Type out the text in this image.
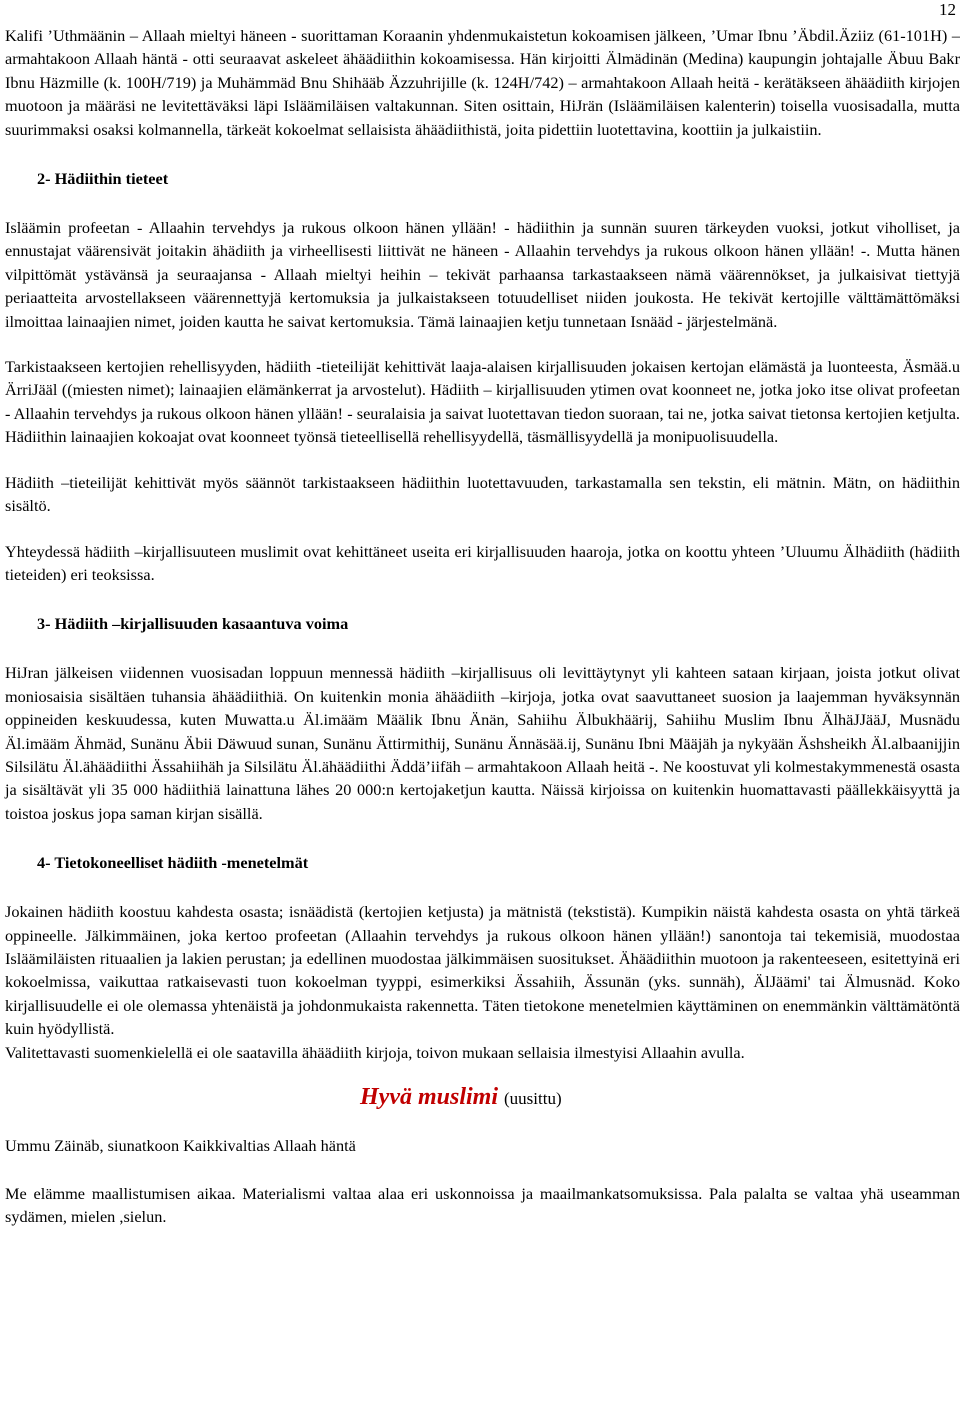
12

Kalifi ’Uthmäänin – Allaah mieltyi häneen - suorittaman Koraanin yhdenmukaistetun kokoamisen jälkeen, ’Umar Ibnu ’Äbdil.Äziiz (61-101H) – armahtakoon Allaah häntä - otti seuraavat askeleet ähäädiithin kokoamisessa. Hän kirjoitti Älmädinän (Medina) kaupungin johtajalle Äbuu Bakr Ibnu Häzmille (k. 100H/719) ja Muhämmäd Bnu Shihääb Äzzuhrijille (k. 124H/742) – armahtakoon Allaah heitä - kerätäkseen ähäädiith kirjojen muotoon ja määräsi ne levitettäväksi läpi Isläämiläisen valtakunnan. Siten osittain, HiJrän (Isläämiläisen kalenterin) toisella vuosisadalla, mutta suurimmaksi osaksi kolmannella, tärkeät kokoelmat sellaisista ähäädiithistä, joita pidettiin luotettavina, koottiin ja julkaistiin.

2- Hädiithin tieteet

Isläämin profeetan - Allaahin tervehdys ja rukous olkoon hänen ylläänǃ - hädiithin ja sunnän suuren tärkeyden vuoksi, jotkut viholliset, ja ennustajat väärensivät joitakin ähädiith ja virheellisesti liittivät ne häneen - Allaahin tervehdys ja rukous olkoon hänen ylläänǃ -. Mutta hänen vilpittömät ystävänsä ja seuraajansa - Allaah mieltyi heihin – tekivät parhaansa tarkastaakseen nämä väärennökset, ja julkaisivat tiettyjä periaatteita arvostellakseen väärennettyjä kertomuksia ja julkaistakseen totuudelliset niiden joukosta. He tekivät kertojille välttämättömäksi ilmoittaa lainaajien nimet, joiden kautta he saivat kertomuksia. Tämä lainaajien ketju tunnetaan Isnääd - järjestelmänä.

Tarkistaakseen kertojien rehellisyyden, hädiith -tieteilijät kehittivät laaja-alaisen kirjallisuuden jokaisen kertojan elämästä ja luonteesta, Äsmää.u ÄrriJääl ((miesten nimet); lainaajien elämänkerrat ja arvostelut). Hädiith – kirjallisuuden ytimen ovat koonneet ne, jotka joko itse olivat profeetan - Allaahin tervehdys ja rukous olkoon hänen ylläänǃ - seuralaisia ja saivat luotettavan tiedon suoraan, tai ne, jotka saivat tietonsa kertojien ketjulta. Hädiithin lainaajien kokoajat ovat koonneet työnsä tieteellisellä rehellisyydellä, täsmällisyydellä ja monipuolisuudella.

Hädiith –tieteilijät kehittivät myös säännöt tarkistaakseen hädiithin luotettavuuden, tarkastamalla sen tekstin, eli mätnin. Mätn, on hädiithin sisältö.

Yhteydessä hädiith –kirjallisuuteen muslimit ovat kehittäneet useita eri kirjallisuuden haaroja, jotka on koottu yhteen ’Uluumu Älhädiith (hädiith tieteiden) eri teoksissa.

3- Hädiith –kirjallisuuden kasaantuva voima

HiJran jälkeisen viidennen vuosisadan loppuun mennessä hädiith –kirjallisuus oli levittäytynyt yli kahteen sataan kirjaan, joista jotkut olivat moniosaisia sisältäen tuhansia ähäädiithiä. On kuitenkin monia ähäädiith –kirjoja, jotka ovat saavuttaneet suosion ja laajemman hyväksynnän oppineiden keskuudessa, kuten Muwatta.u Äl.imääm Määlik Ibnu Änän, Sahiihu Älbukhäärij, Sahiihu Muslim Ibnu ÄlhäJJääJ, Musnädu Äl.imääm Ähmäd, Sunänu Äbii Däwuud sunan, Sunänu Ättirmithij, Sunänu Ännäsää.ij, Sunänu Ibni Määjäh ja nykyään Äshsheikh Äl.albaanijjin Silsilätu Äl.ähäädiithi Ässahiihäh ja Silsilätu Äl.ähäädiithi Äddä’iifäh – armahtakoon Allaah heitä -. Ne koostuvat yli kolmestakymmenestä osasta ja sisältävät yli 35 000 hädiithiä lainattuna lähes 20 000:n kertojaketjun kautta. Näissä kirjoissa on kuitenkin huomattavasti päällekkäisyyttä ja toistoa joskus jopa saman kirjan sisällä.

4- Tietokoneelliset hädiith -menetelmät

Jokainen hädiith koostuu kahdesta osasta; isnäädistä (kertojien ketjusta) ja mätnistä (tekstistä). Kumpikin näistä kahdesta osasta on yhtä tärkeä oppineelle. Jälkimmäinen, joka kertoo profeetan (Allaahin tervehdys ja rukous olkoon hänen ylläänǃ) sanontoja tai tekemisiä, muodostaa Isläämiläisten rituaalien ja lakien perustan; ja edellinen muodostaa jälkimmäisen suositukset. Ähäädiithin muotoon ja rakenteeseen, esitettyinä eri kokoelmissa, vaikuttaa ratkaisevasti tuon kokoelman tyyppi, esimerkiksi Ässahiih, Ässunän (yks. sunnäh), ÄlJäämi' tai Älmusnäd. Koko kirjallisuudelle ei ole olemassa yhtenäistä ja johdonmukaista rakennetta. Täten tietokone menetelmien käyttäminen on enemmänkin välttämätöntä kuin hyödyllistä.

Valitettavasti suomenkielellä ei ole saatavilla ähäädiith kirjoja, toivon mukaan sellaisia ilmestyisi Allaahin avulla.

Hyvä muslimi (uusittu)
Ummu Zäinäb, siunatkoon Kaikkivaltias Allaah häntä

Me elämme maallistumisen aikaa. Materialismi valtaa alaa eri uskonnoissa ja maailmankatsomuksissa. Pala palalta se valtaa yhä useamman sydämen, mielen ,sielun.
